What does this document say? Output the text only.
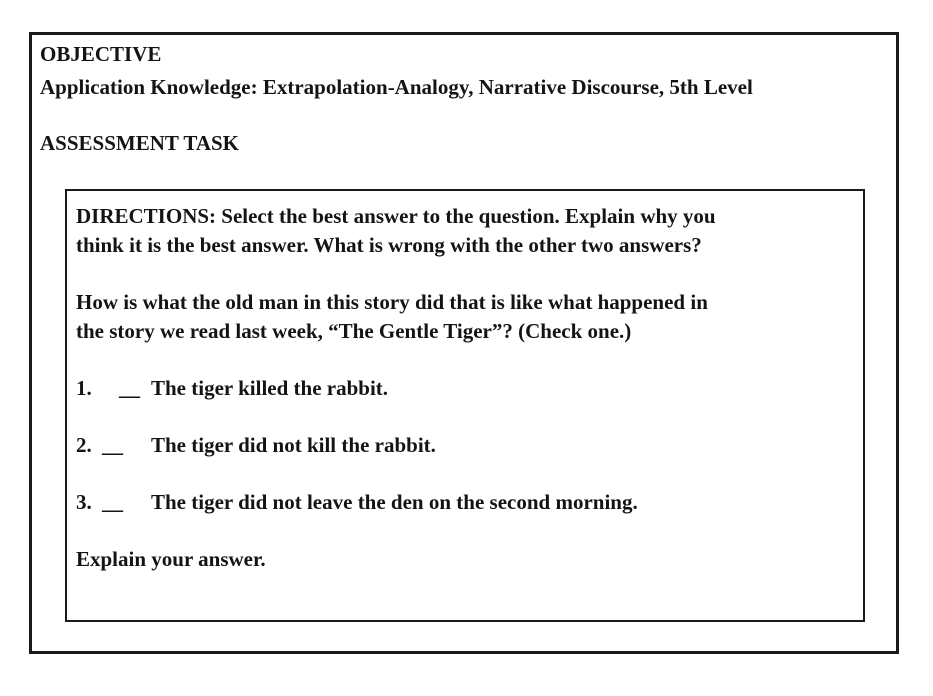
OBJECTIVE

Application Knowledge: Extrapolation-Analogy, Narrative Discourse, 5th Level

ASSESSMENT TASK

DIRECTIONS: Select the best answer to the question. Explain why you

think it is the best answer. What is wrong with the other two answers?

How is what the old man in this story did that is like what happened in

the story we read last week, “The Gentle Tiger”? (Check one.)

1. __ The tiger killed the rabbit.
2. __ The tiger did not kill the rabbit.
3. __ The tiger did not leave the den on the second morning.

Explain your answer.
